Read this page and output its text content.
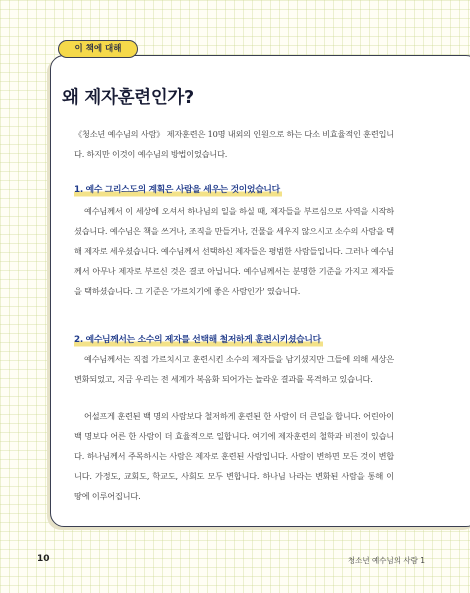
이 책에 대해
왜 제자훈련인가?

《청소년 예수님의 사람》 제자훈련은 10명 내외의 인원으로 하는 다소 비효율적인 훈련입니다. 하지만 이것이 예수님의 방법이었습니다.

1. 예수 그리스도의 계획은 사람을 세우는 것이었습니다

예수님께서 이 세상에 오셔서 하나님의 일을 하실 때, 제자들을 부르심으로 사역을 시작하셨습니다. 예수님은 책을 쓰거나, 조직을 만들거나, 건물을 세우지 않으시고 소수의 사람을 택해 제자로 세우셨습니다. 예수님께서 선택하신 제자들은 평범한 사람들입니다. 그러나 예수님께서 아무나 제자로 부르신 것은 결코 아닙니다. 예수님께서는 분명한 기준을 가지고 제자들을 택하셨습니다. 그 기준은 '가르치기에 좋은 사람인가' 였습니다.

2. 예수님께서는 소수의 제자를 선택해 철저하게 훈련시키셨습니다

예수님께서는 직접 가르치시고 훈련시킨 소수의 제자들을 남기셨지만 그들에 의해 세상은 변화되었고, 지금 우리는 전 세계가 복음화 되어가는 놀라운 결과를 목격하고 있습니다.

어설프게 훈련된 백 명의 사람보다 철저하게 훈련된 한 사람이 더 큰일을 합니다. 어린아이 백 명보다 어른 한 사람이 더 효율적으로 일합니다. 여기에 제자훈련의 철학과 비전이 있습니다. 하나님께서 주목하시는 사람은 제자로 훈련된 사람입니다. 사람이 변하면 모든 것이 변합니다. 가정도, 교회도, 학교도, 사회도 모두 변합니다. 하나님 나라는 변화된 사람을 통해 이 땅에 이루어집니다.

10	청소년 예수님의 사람 1
